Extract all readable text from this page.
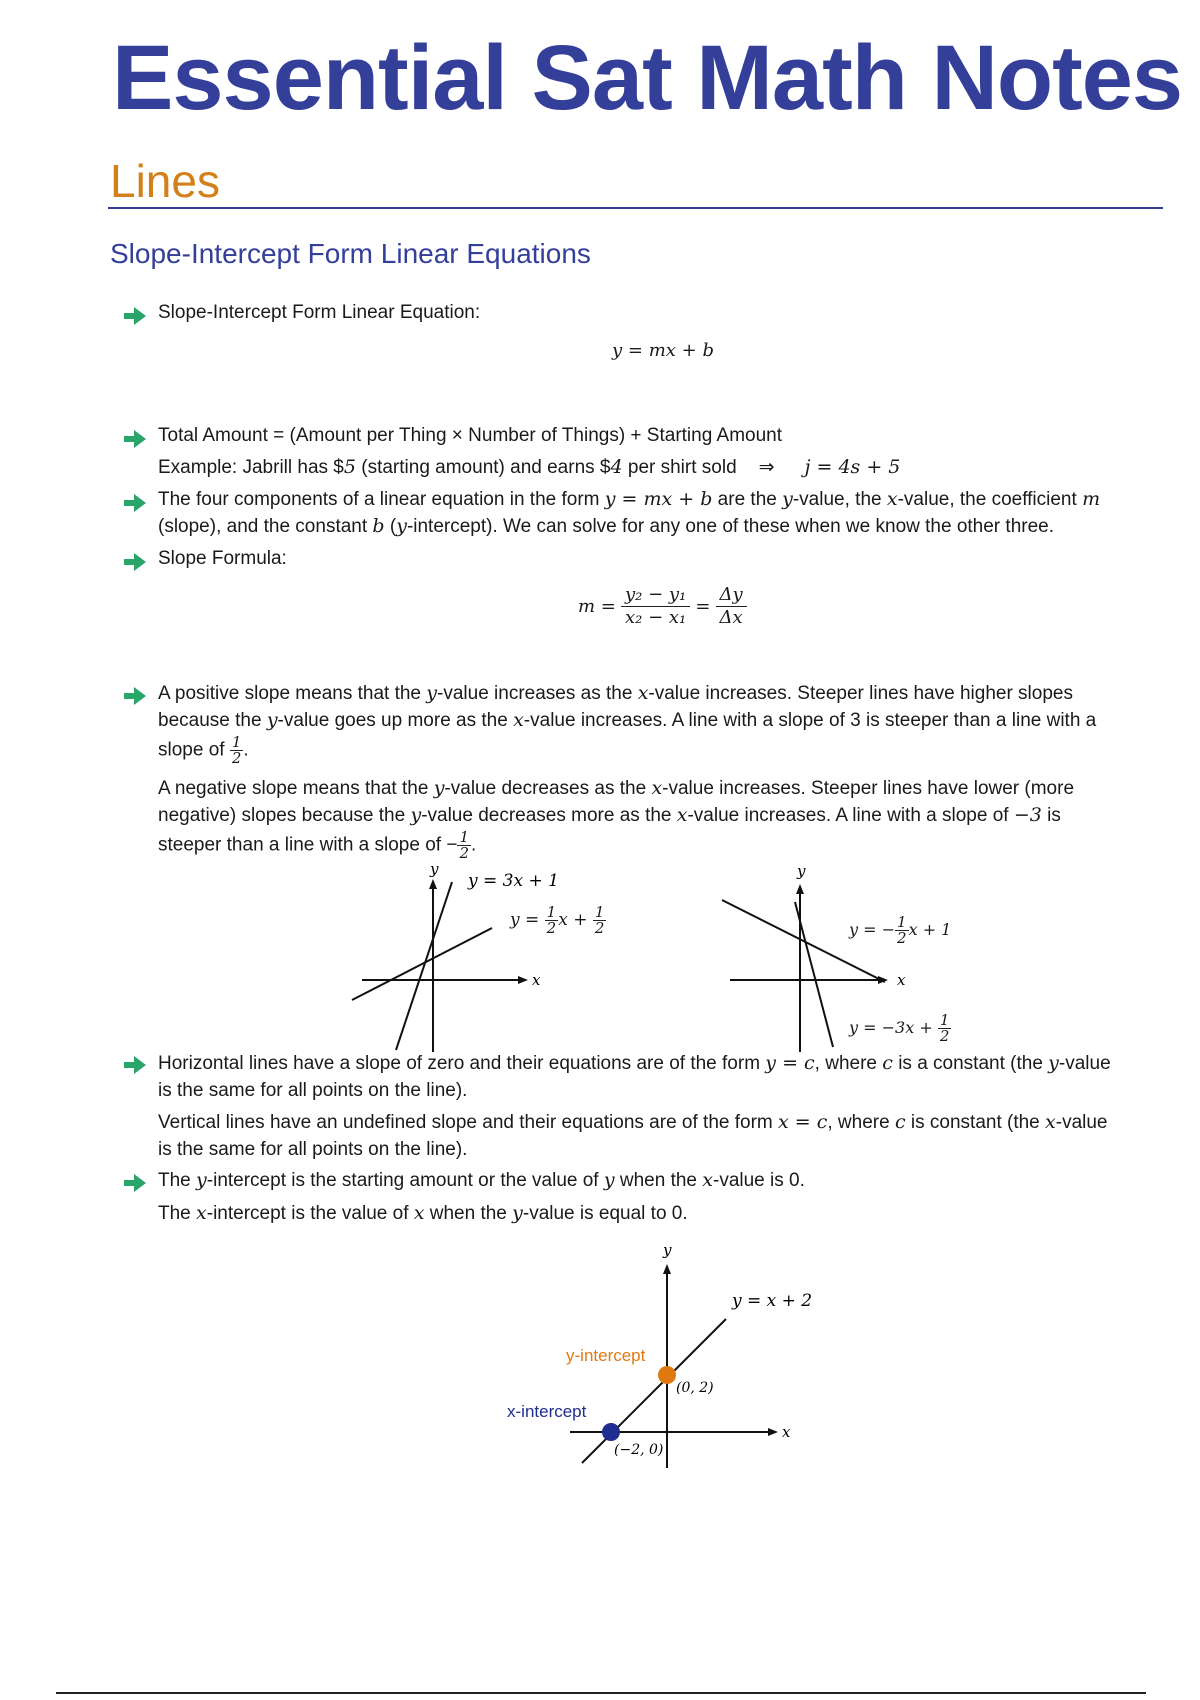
Essential Sat Math Notes
Lines
Slope-Intercept Form Linear Equations
Slope-Intercept Form Linear Equation:
y = mx + b
Total Amount = (Amount per Thing × Number of Things) + Starting Amount
Example: Jabrill has $5 (starting amount) and earns $4 per shirt sold ⇒ j = 4s + 5
The four components of a linear equation in the form y = mx + b are the y-value, the x-value, the coefficient m
(slope), and the constant b (y-intercept). We can solve for any one of these when we know the other three.
Slope Formula:
$m = \frac{\text{y₂ − y₁}}{\text{x₂ − x₁}} = \frac{\Delta y}{\Delta x}$
A positive slope means that the y-value increases as the x-value increases. Steeper lines have higher slopes
because the y-value goes up more as the x-value increases. A line with a slope of 3 is steeper than a line with a
slope of $\frac{1}{2}$ .
A negative slope means that the y-value decreases as the x-value increases. Steeper lines have lower (more
negative) slopes because the y-value decreases more as the x-value increases. A line with a slope of −3 is
steeper than a line with a slope of − $\frac{1}{2}$ .
y
x
y = 3x + 1
$y = \frac{1}{2}$ $x + \frac{1}{2}$
y
x
y = − $\frac{1}{2}$ x + 1
$y = -3x + \frac{1}{2}$
Horizontal lines have a slope of zero and their equations are of the form y = c, where c is a constant (the y-value
is the same for all points on the line).
Vertical lines have an undefined slope and their equations are of the form x = c, where c is constant (the x-value
is the same for all points on the line).
The y-intercept is the starting amount or the value of y when the x-value is 0.
The x-intercept is the value of x when the y-value is equal to 0.
y
x
y = x + 2
(0, 2)
(−2, 0)
y-intercept
x-intercept
